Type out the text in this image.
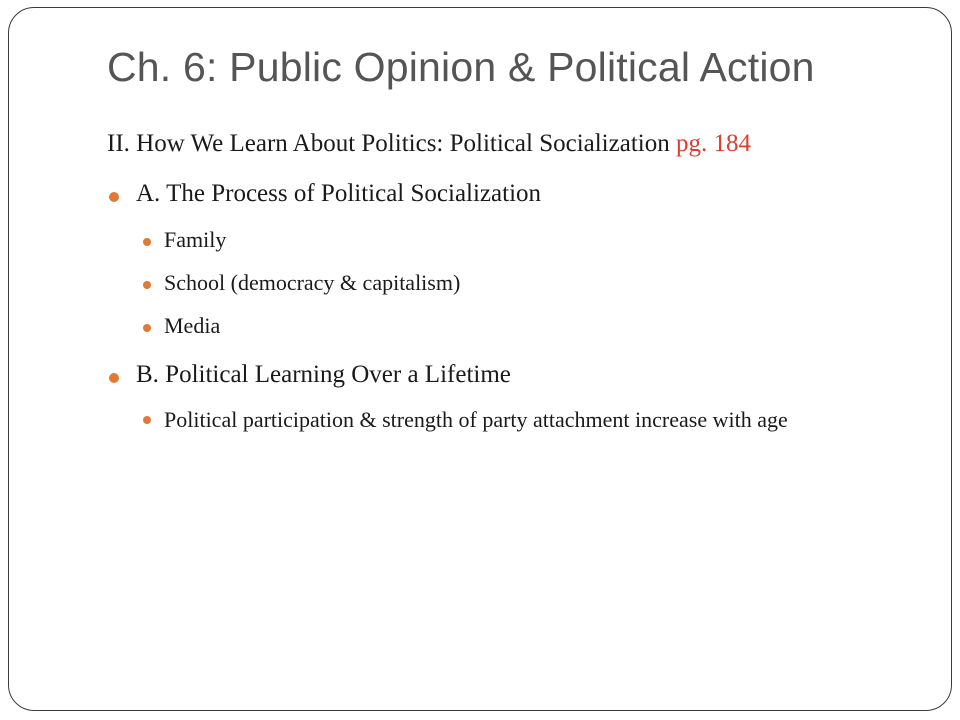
Ch. 6: Public Opinion & Political Action
II. How We Learn About Politics: Political Socialization pg. 184
A. The Process of Political Socialization
Family
School (democracy & capitalism)
Media
B. Political Learning Over a Lifetime
Political participation & strength of party attachment increase with age
